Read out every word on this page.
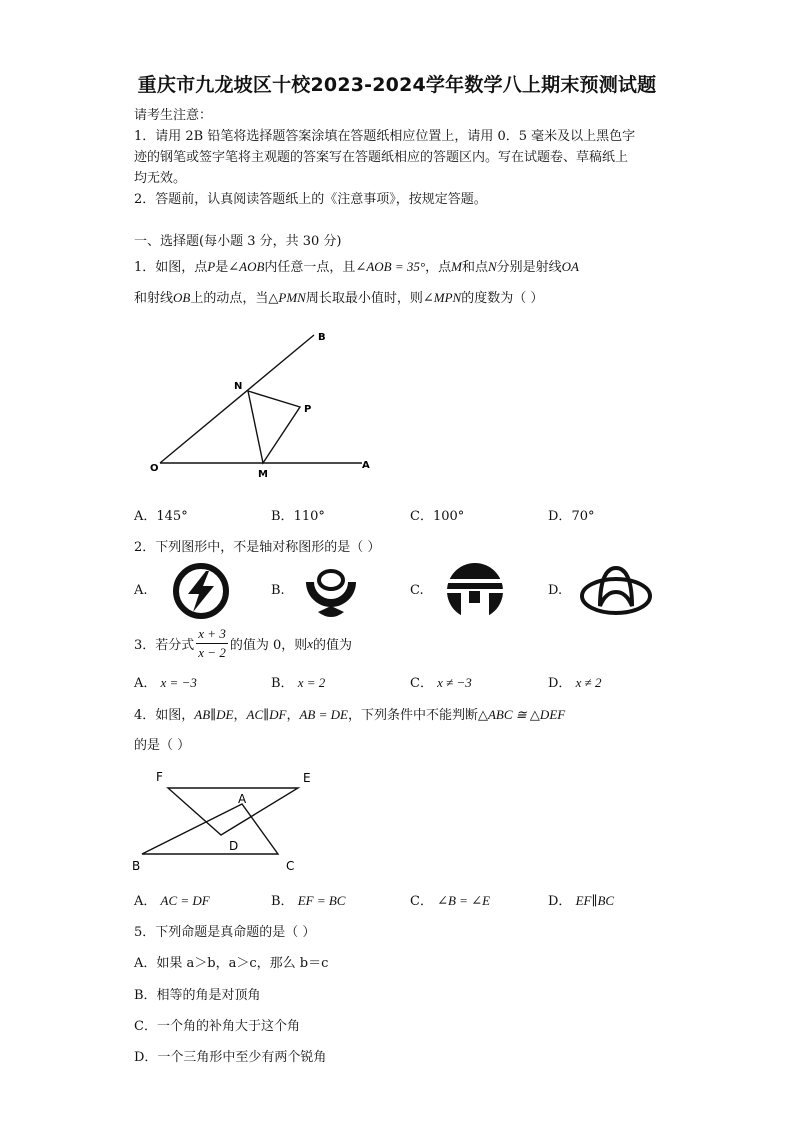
重庆市九龙坡区十校2023-2024学年数学八上期末预测试题
请考生注意：
1．请用 2B 铅笔将选择题答案涂填在答题纸相应位置上，请用 0．5 毫米及以上黑色字
迹的钢笔或签字笔将主观题的答案写在答题纸相应的答题区内。写在试题卷、草稿纸上
均无效。
2．答题前，认真阅读答题纸上的《注意事项》，按规定答题。
一、选择题(每小题 3 分，共 30 分)
1．如图，点P是∠AOB内任意一点，且∠AOB = 35°，点M和点N分别是射线OA
和射线OB上的动点，当△PMN周长取最小值时，则∠MPN的度数为（ ）
O	A
B
N
M
P
A．145°	B．110°	C．100°	D．70°
2．下列图形中，不是轴对称图形的是（ ）
A.	B.	C.	D.
3．若分式 $\frac{x + 3}{x - 2}$ 的值为 0，则 x 的值为
A． x = −3	B． x = 2	C． x ≠ −3	D． x ≠ 2
4．如图，AB∥DE，AC∥DF，AB = DE，下列条件中不能判断△ABC ≅ △DEF
的是（ ）
F	E
A
D
B	C
A． AC = DF	B． EF = BC	C． ∠B = ∠E	D． EF∥BC
5．下列命题是真命题的是（ ）
A．如果 a＞b，a＞c，那么 b＝c
B．相等的角是对顶角
C．一个角的补角大于这个角
D．一个三角形中至少有两个锐角
